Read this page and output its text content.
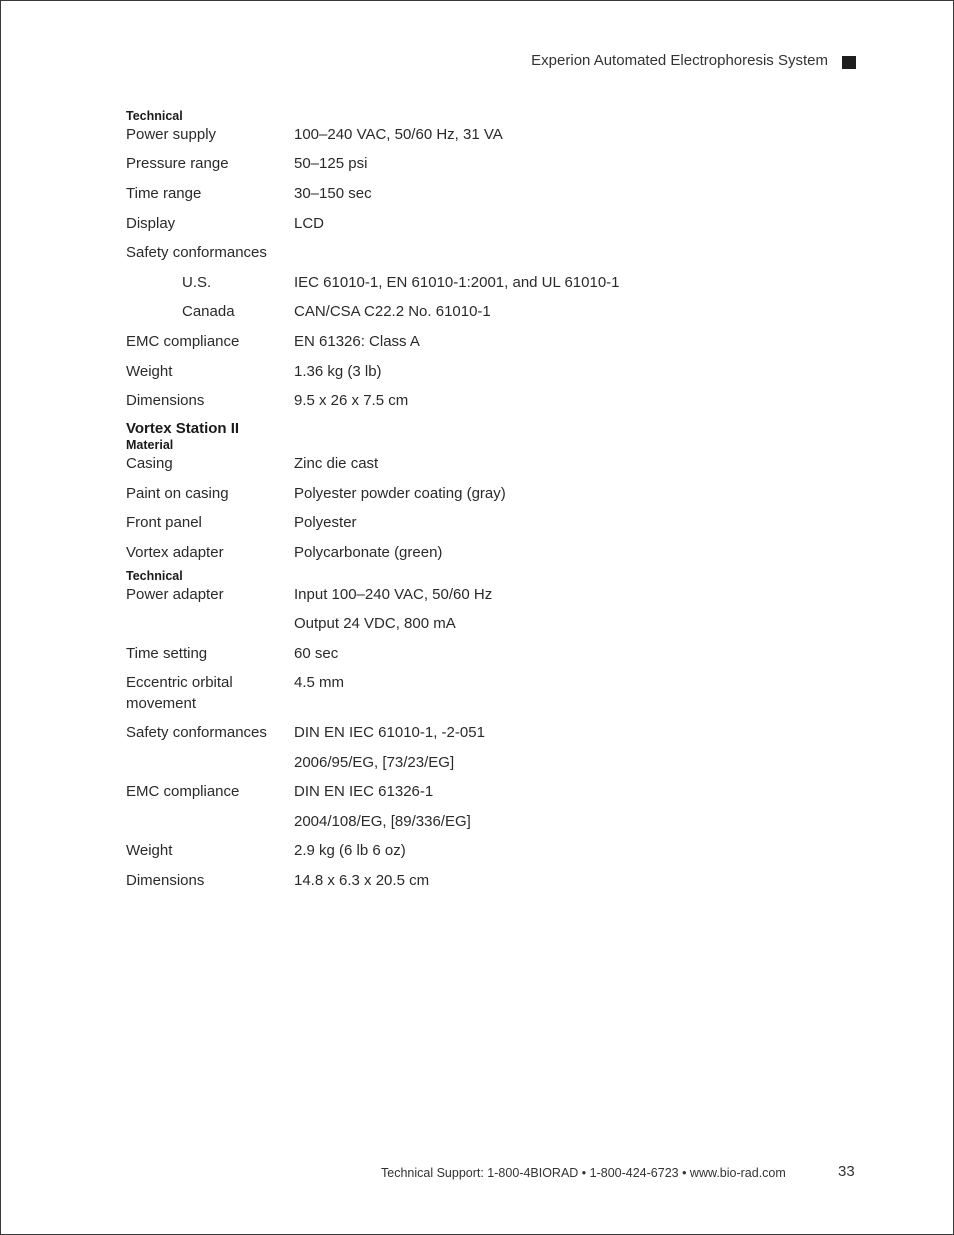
Experion Automated Electrophoresis System
Technical
Power supply	100–240 VAC, 50/60 Hz, 31 VA
Pressure range	50–125 psi
Time range	30–150 sec
Display	LCD
Safety conformances
U.S.	IEC 61010-1, EN 61010-1:2001, and UL 61010-1
Canada	CAN/CSA C22.2 No. 61010-1
EMC compliance	EN 61326: Class A
Weight	1.36 kg (3 lb)
Dimensions	9.5 x 26 x 7.5 cm
Vortex Station II
Material
Casing	Zinc die cast
Paint on casing	Polyester powder coating (gray)
Front panel	Polyester
Vortex adapter	Polycarbonate (green)
Technical
Power adapter	Input 100–240 VAC, 50/60 Hz
Output 24 VDC, 800 mA
Time setting	60 sec
Eccentric orbital	4.5 mm
movement
Safety conformances	DIN EN IEC 61010-1, -2-051
2006/95/EG, [73/23/EG]
EMC compliance	DIN EN IEC 61326-1
2004/108/EG, [89/336/EG]
Weight	2.9 kg (6 lb 6 oz)
Dimensions	14.8 x 6.3 x 20.5 cm
Technical Support: 1-800-4BIORAD • 1-800-424-6723 • www.bio-rad.com	33
